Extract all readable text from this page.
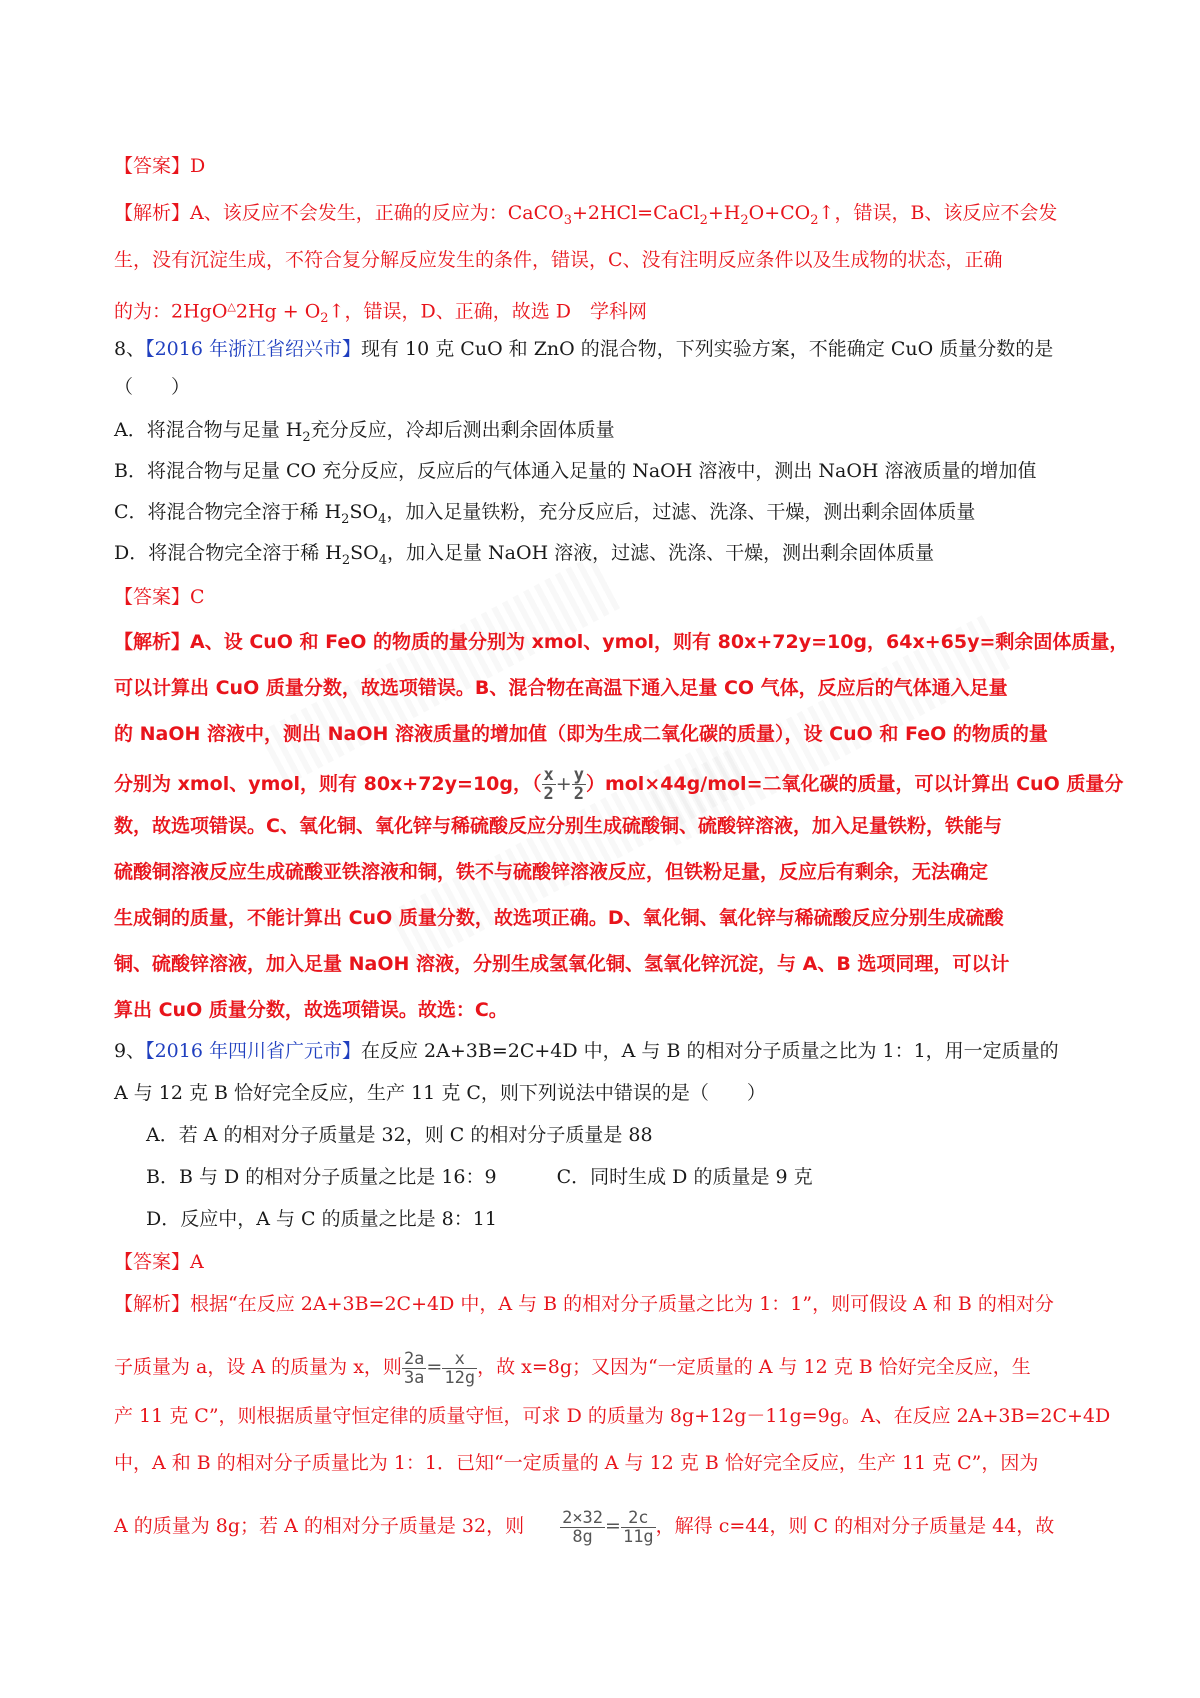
【答案】D
【解析】A、该反应不会发生，正确的反应为：$CaCO_3+2HCl=CaCl_2+H_2O+CO_2↑$，错误，B、该反应不会发
生，没有沉淀生成，不符合复分解反应发生的条件，错误，C、没有注明反应条件以及生成物的状态，正确
的为：$2HgO^\triangle 2Hg + O_2↑$，错误，D、正确，故选 D　学科网
8、【2016 年浙江省绍兴市】现有 10 克 CuO 和 ZnO 的混合物，下列实验方案，不能确定 CuO 质量分数的是
（　　）
A．将混合物与足量 $H_2$充分反应，冷却后测出剩余固体质量
B．将混合物与足量 CO 充分反应，反应后的气体通入足量的 NaOH 溶液中，测出 NaOH 溶液质量的增加值
C．将混合物完全溶于稀 $H_2SO_4$，加入足量铁粉，充分反应后，过滤、洗涤、干燥，测出剩余固体质量
D．将混合物完全溶于稀 $H_2SO_4$，加入足量 NaOH 溶液，过滤、洗涤、干燥，测出剩余固体质量
【答案】C
【解析】A、设 CuO 和 FeO 的物质的量分别为 xmol、ymol，则有 80x+72y=10g，64x+65y=剩余固体质量，
可以计算出 CuO 质量分数，故选项错误。B、混合物在高温下通入足量 CO 气体，反应后的气体通入足量
的 NaOH 溶液中，测出 NaOH 溶液质量的增加值（即为生成二氧化碳的质量），设 CuO 和 FeO 的物质的量
分别为 xmol、ymol，则有 80x+72y=10g，（ $\frac{x}{2} + \frac{y}{2} )mol\times 44g/mol=$二氧化碳的质量，可以计算出 CuO 质量分
数，故选项错误。C、氧化铜、氧化锌与稀硫酸反应分别生成硫酸铜、硫酸锌溶液，加入足量铁粉，铁能与
硫酸铜溶液反应生成硫酸亚铁溶液和铜，铁不与硫酸锌溶液反应，但铁粉足量，反应后有剩余，无法确定
生成铜的质量，不能计算出 CuO 质量分数，故选项正确。D、氧化铜、氧化锌与稀硫酸反应分别生成硫酸
铜、硫酸锌溶液，加入足量 NaOH 溶液，分别生成氢氧化铜、氢氧化锌沉淀，与 A、B 选项同理，可以计
算出 CuO 质量分数，故选项错误。故选：C。
9、【2016 年四川省广元市】在反应 2A+3B=2C+4D 中，A 与 B 的相对分子质量之比为 1：1，用一定质量的
A 与 12 克 B 恰好完全反应，生产 11 克 C，则下列说法中错误的是（　　）
A．若 A 的相对分子质量是 32，则 C 的相对分子质量是 88
B．B 与 D 的相对分子质量之比是 16：9	C．同时生成 D 的质量是 9 克
D．反应中，A 与 C 的质量之比是 8：11
【答案】A
【解析】根据“在反应 2A+3B=2C+4D 中，A 与 B 的相对分子质量之比为 1：1”，则可假设 A 和 B 的相对分
子质量为 a，设 A 的质量为 x，则 $\frac{2a}{3a} = \frac{x}{12g}$ ，故 x=8g；又因为“一定质量的 A 与 12 克 B 恰好完全反应，生
产 11 克 C”，则根据质量守恒定律的质量守恒，可求 D 的质量为 8g+12g－11g=9g。A、在反应 2A+3B=2C+4D
中，A 和 B 的相对分子质量比为 1：1．已知“一定质量的 A 与 12 克 B 恰好完全反应，生产 11 克 C”，因为
A 的质量为 8g；若 A 的相对分子质量是 32，则 $\frac{2\times 32}{8g} = \frac{2c}{11g}$ ，解得 c=44，则 C 的相对分子质量是 44，故
